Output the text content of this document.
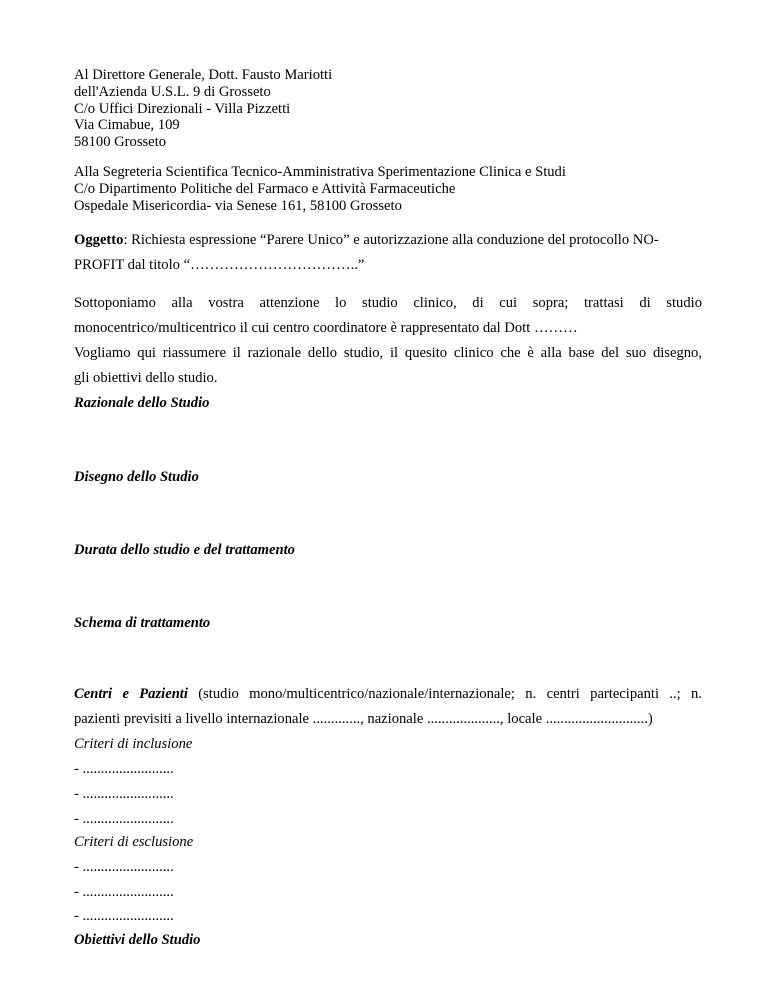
Al Direttore Generale, Dott. Fausto Mariotti
dell'Azienda U.S.L. 9 di Grosseto
C/o Uffici Direzionali - Villa Pizzetti
Via Cimabue, 109
58100 Grosseto
Alla Segreteria Scientifica Tecnico-Amministrativa Sperimentazione Clinica e Studi
C/o Dipartimento Politiche del Farmaco e Attività Farmaceutiche
Ospedale Misericordia- via Senese 161, 58100 Grosseto
Oggetto: Richiesta espressione “Parere Unico” e autorizzazione alla conduzione del protocollo NO-
PROFIT dal titolo “……………………………..”
Sottoponiamo alla vostra attenzione lo studio clinico, di cui sopra; trattasi di studio
monocentrico/multicentrico il cui centro coordinatore è rappresentato dal Dott ………
Vogliamo qui riassumere il razionale dello studio, il quesito clinico che è alla base del suo disegno,
gli obiettivi dello studio.
Razionale dello Studio
Disegno dello Studio
Durata dello studio e del trattamento
Schema di trattamento
Centri e Pazienti (studio mono/multicentrico/nazionale/internazionale; n. centri partecipanti ..; n.
pazienti previsiti a livello internazionale ............., nazionale ...................., locale ............................)
Criteri di inclusione
- .........................
- .........................
- .........................
Criteri di esclusione
- .........................
- .........................
- .........................
Obiettivi dello Studio
